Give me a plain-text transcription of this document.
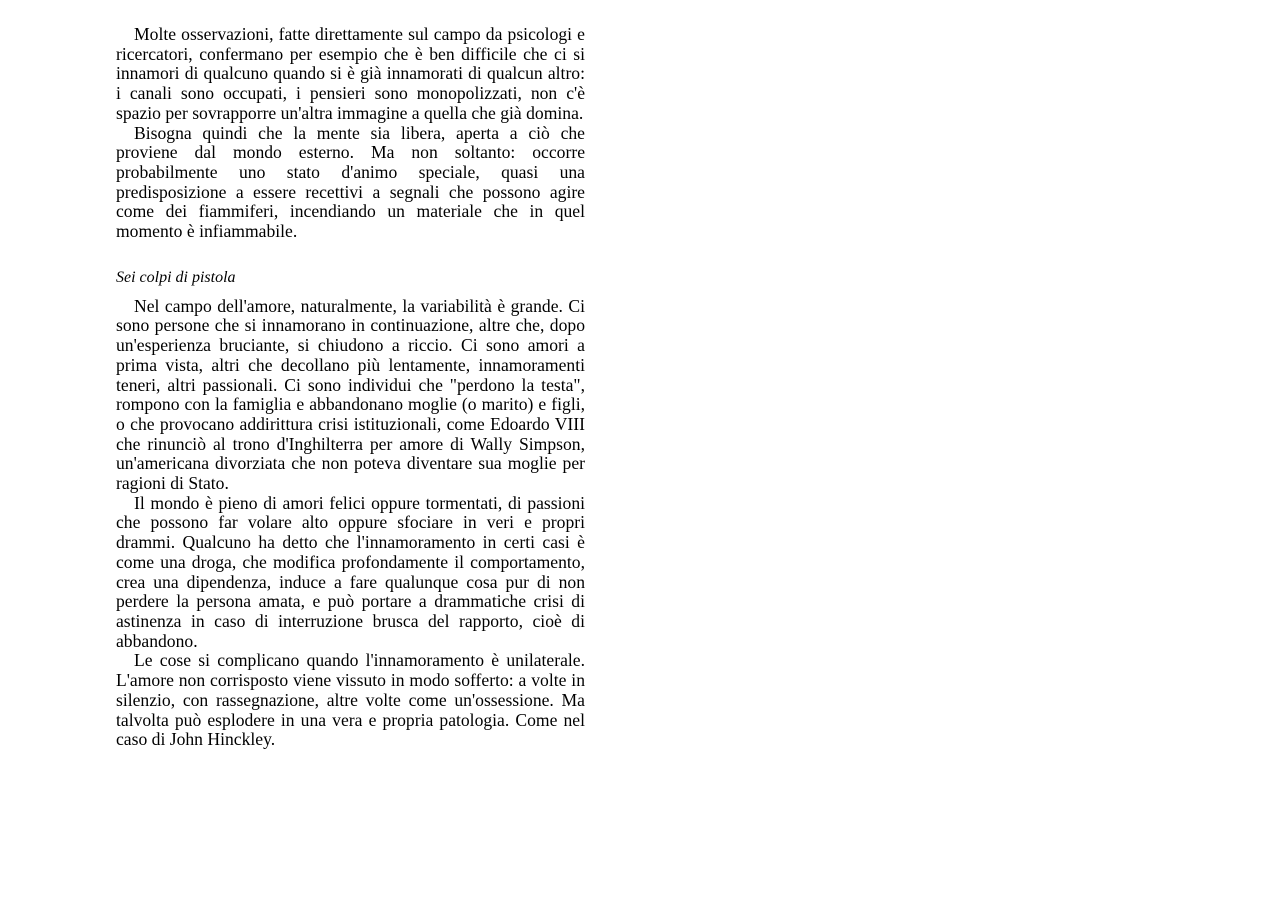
Molte osservazioni, fatte direttamente sul campo da psicologi e ricercatori, confermano per esempio che è ben difficile che ci si innamori di qualcuno quando si è già innamorati di qualcun altro: i canali sono occupati, i pensieri sono monopolizzati, non c'è spazio per sovrapporre un'altra immagine a quella che già domina.

Bisogna quindi che la mente sia libera, aperta a ciò che proviene dal mondo esterno. Ma non soltanto: occorre probabilmente uno stato d'animo speciale, quasi una predisposizione a essere recettivi a segnali che possono agire come dei fiammiferi, incendiando un materiale che in quel momento è infiammabile.

Sei colpi di pistola

Nel campo dell'amore, naturalmente, la variabilità è grande. Ci sono persone che si innamorano in continuazione, altre che, dopo un'esperienza bruciante, si chiudono a riccio. Ci sono amori a prima vista, altri che decollano più lentamente, innamoramenti teneri, altri passionali. Ci sono individui che "perdono la testa", rompono con la famiglia e abbandonano moglie (o marito) e figli, o che provocano addirittura crisi istituzionali, come Edoardo VIII che rinunciò al trono d'Inghilterra per amore di Wally Simpson, un'americana divorziata che non poteva diventare sua moglie per ragioni di Stato.

Il mondo è pieno di amori felici oppure tormentati, di passioni che possono far volare alto oppure sfociare in veri e propri drammi. Qualcuno ha detto che l'innamoramento in certi casi è come una droga, che modifica profondamente il comportamento, crea una dipendenza, induce a fare qualunque cosa pur di non perdere la persona amata, e può portare a drammatiche crisi di astinenza in caso di interruzione brusca del rapporto, cioè di abbandono.

Le cose si complicano quando l'innamoramento è unilaterale. L'amore non corrisposto viene vissuto in modo sofferto: a volte in silenzio, con rassegnazione, altre volte come un'ossessione. Ma talvolta può esplodere in una vera e propria patologia. Come nel caso di John Hinckley.
